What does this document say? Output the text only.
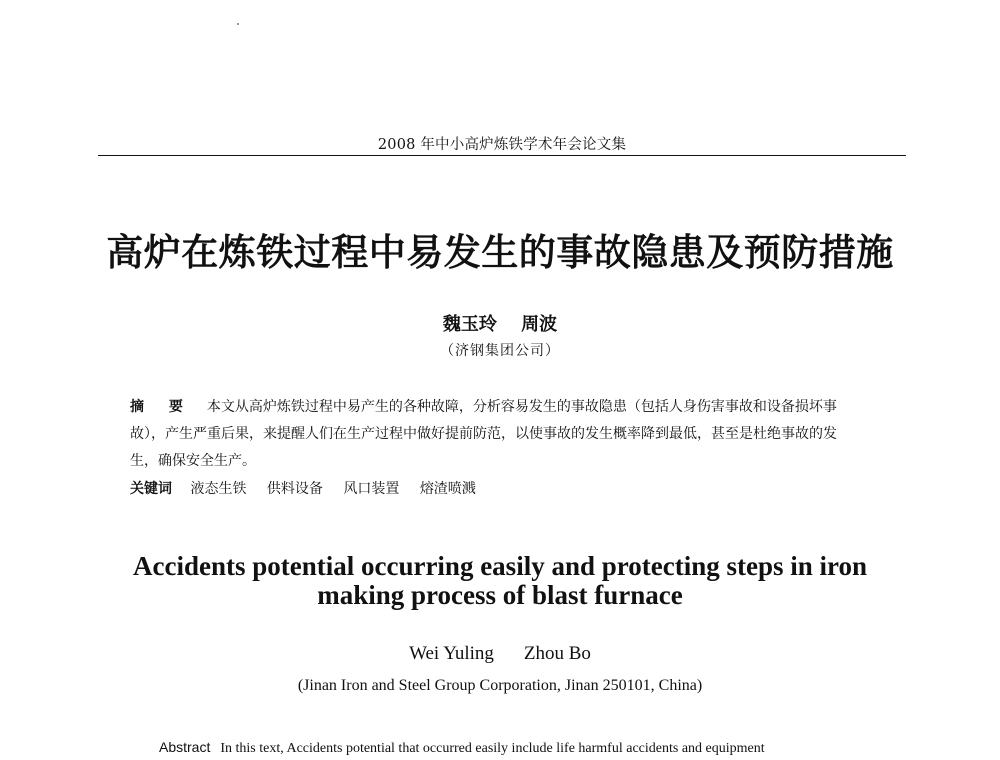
2008 年中小高炉炼铁学术年会论文集
高炉在炼铁过程中易发生的事故隐患及预防措施
魏玉玲 周波
（济钢集团公司）
摘 要 本文从高炉炼铁过程中易产生的各种故障，分析容易发生的事故隐患（包括人身伤害事故和设备损坏事故），产生严重后果，来提醒人们在生产过程中做好提前防范，以使事故的发生概率降到最低，甚至是杜绝事故的发生，确保安全生产。
关键词 液态生铁 供料设备 风口装置 熔渣喷溅
Accidents potential occurring easily and protecting steps in iron
making process of blast furnace
Wei Yuling Zhou Bo
(Jinan Iron and Steel Group Corporation, Jinan 250101, China)
Abstract In this text, Accidents potential that occurred easily include life harmful accidents and equipment
